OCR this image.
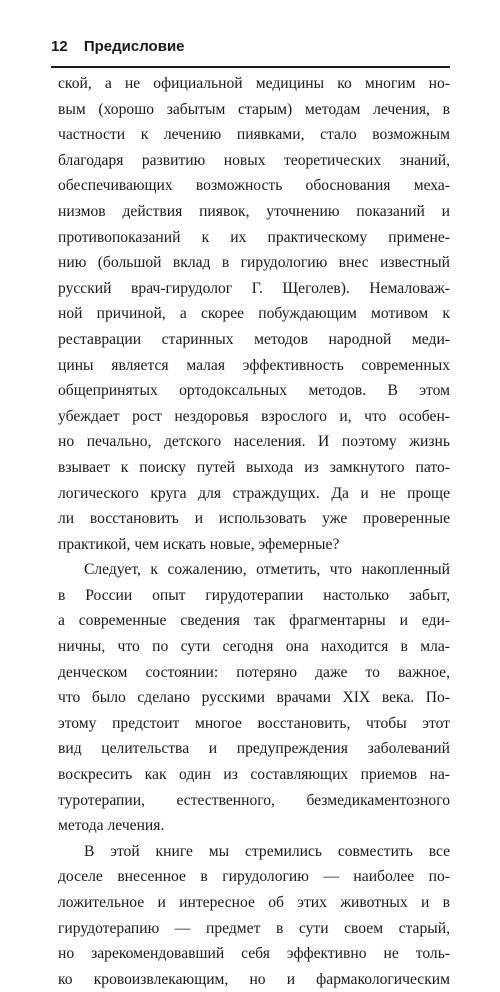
12 Предисловие
ской, а не официальной медицины ко многим но-
вым (хорошо забытым старым) методам лечения, в
частности к лечению пиявками, стало возможным
благодаря развитию новых теоретических знаний,
обеспечивающих возможность обоснования меха-
низмов действия пиявок, уточнению показаний и
противопоказаний к их практическому примене-
нию (большой вклад в гирудологию внес известный
русский врач-гирудолог Г. Щеголев). Немаловаж-
ной причиной, а скорее побуждающим мотивом к
реставрации старинных методов народной меди-
цины является малая эффективность современных
общепринятых ортодоксальных методов. В этом
убеждает рост нездоровья взрослого и, что особен-
но печально, детского населения. И поэтому жизнь
взывает к поиску путей выхода из замкнутого пато-
логического круга для страждущих. Да и не проще
ли восстановить и использовать уже проверенные
практикой, чем искать новые, эфемерные?
Следует, к сожалению, отметить, что накопленный
в России опыт гирудотерапии настолько забыт,
а современные сведения так фрагментарны и еди-
ничны, что по сути сегодня она находится в мла-
денческом состоянии: потеряно даже то важное,
что было сделано русскими врачами XIX века. По-
этому предстоит многое восстановить, чтобы этот
вид целительства и предупреждения заболеваний
воскресить как один из составляющих приемов на-
туротерапии, естественного, безмедикаментозного
метода лечения.
В этой книге мы стремились совместить все
доселе внесенное в гирудологию — наиболее по-
ложительное и интересное об этих животных и в
гирудотерапию — предмет в сути своем старый,
но зарекомендовавший себя эффективно не толь-
ко кровоизвлекающим, но и фармакологическим
